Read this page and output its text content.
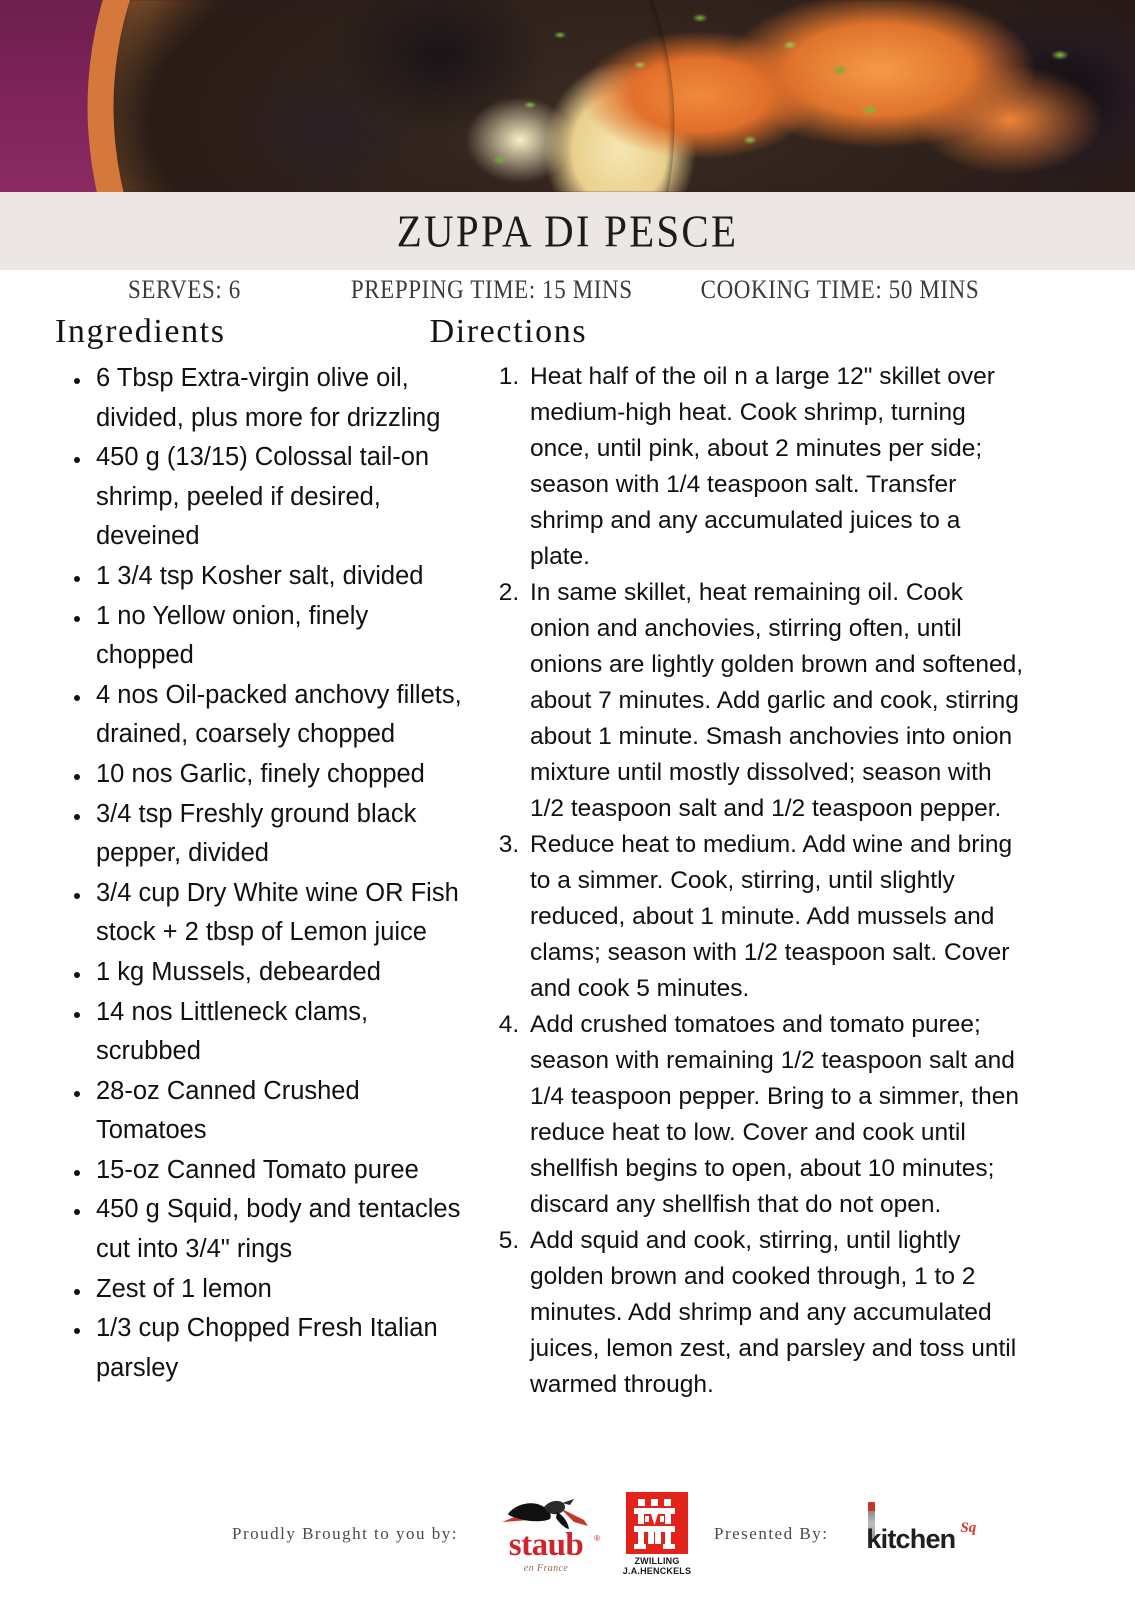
ZUPPA DI PESCE
SERVES: 6	PREPPING TIME: 15 MINS	COOKING TIME: 50 MINS
Ingredients	Directions
• 6 Tbsp Extra-virgin olive oil, divided, plus more for drizzling
• 450 g (13/15) Colossal tail-on shrimp, peeled if desired, deveined
• 1 3/4 tsp Kosher salt, divided
• 1 no Yellow onion, finely chopped
• 4 nos Oil-packed anchovy fillets, drained, coarsely chopped
• 10 nos Garlic, finely chopped
• 3/4 tsp Freshly ground black pepper, divided
• 3/4 cup Dry White wine OR Fish stock + 2 tbsp of Lemon juice
• 1 kg Mussels, debearded
• 14 nos Littleneck clams, scrubbed
• 28-oz Canned Crushed Tomatoes
• 15-oz Canned Tomato puree
• 450 g Squid, body and tentacles cut into 3/4" rings
• Zest of 1 lemon
• 1/3 cup Chopped Fresh Italian parsley
1. Heat half of the oil n a large 12" skillet over medium-high heat. Cook shrimp, turning once, until pink, about 2 minutes per side; season with 1/4 teaspoon salt. Transfer shrimp and any accumulated juices to a plate.
2. In same skillet, heat remaining oil. Cook onion and anchovies, stirring often, until onions are lightly golden brown and softened, about 7 minutes. Add garlic and cook, stirring about 1 minute. Smash anchovies into onion mixture until mostly dissolved; season with 1/2 teaspoon salt and 1/2 teaspoon pepper.
3. Reduce heat to medium. Add wine and bring to a simmer. Cook, stirring, until slightly reduced, about 1 minute. Add mussels and clams; season with 1/2 teaspoon salt. Cover and cook 5 minutes.
4. Add crushed tomatoes and tomato puree; season with remaining 1/2 teaspoon salt and 1/4 teaspoon pepper. Bring to a simmer, then reduce heat to low. Cover and cook until shellfish begins to open, about 10 minutes; discard any shellfish that do not open.
5. Add squid and cook, stirring, until lightly golden brown and cooked through, 1 to 2 minutes. Add shrimp and any accumulated juices, lemon zest, and parsley and toss until warmed through.
Proudly Brought to you by:	staub	®
en France
ZWILLING
J.A.HENCKELS
Presented By: kitchen Sq
